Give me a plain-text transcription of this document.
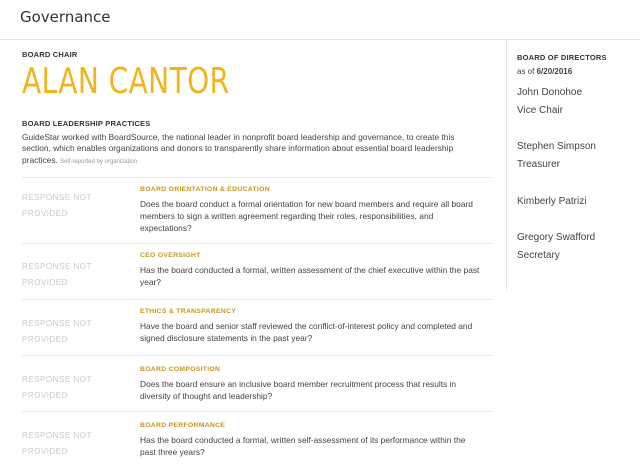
Governance
BOARD CHAIR
ALAN CANTOR
BOARD LEADERSHIP PRACTICES
GuideStar worked with BoardSource, the national leader in nonprofit board leadership and governance, to create this section, which enables organizations and donors to transparently share information about essential board leadership practices. Self-reported by organization
RESPONSE NOT
PROVIDED
BOARD ORIENTATION & EDUCATION
Does the board conduct a formal orientation for new board members and require all board members to sign a written agreement regarding their roles, responsibilities, and expectations?
RESPONSE NOT
PROVIDED
CEO OVERSIGHT
Has the board conducted a formal, written assessment of the chief executive within the past year?
RESPONSE NOT
PROVIDED
ETHICS & TRANSPARENCY
Have the board and senior staff reviewed the conflict-of-interest policy and completed and signed disclosure statements in the past year?
RESPONSE NOT
PROVIDED
BOARD COMPOSITION
Does the board ensure an inclusive board member recruitment process that results in diversity of thought and leadership?
RESPONSE NOT
PROVIDED
BOARD PERFORMANCE
Has the board conducted a formal, written self-assessment of its performance within the past three years?
BOARD OF DIRECTORS
as of 6/20/2016
John Donohoe
Vice Chair
Stephen Simpson
Treasurer
Kimberly Patrizi
Gregory Swafford
Secretary
